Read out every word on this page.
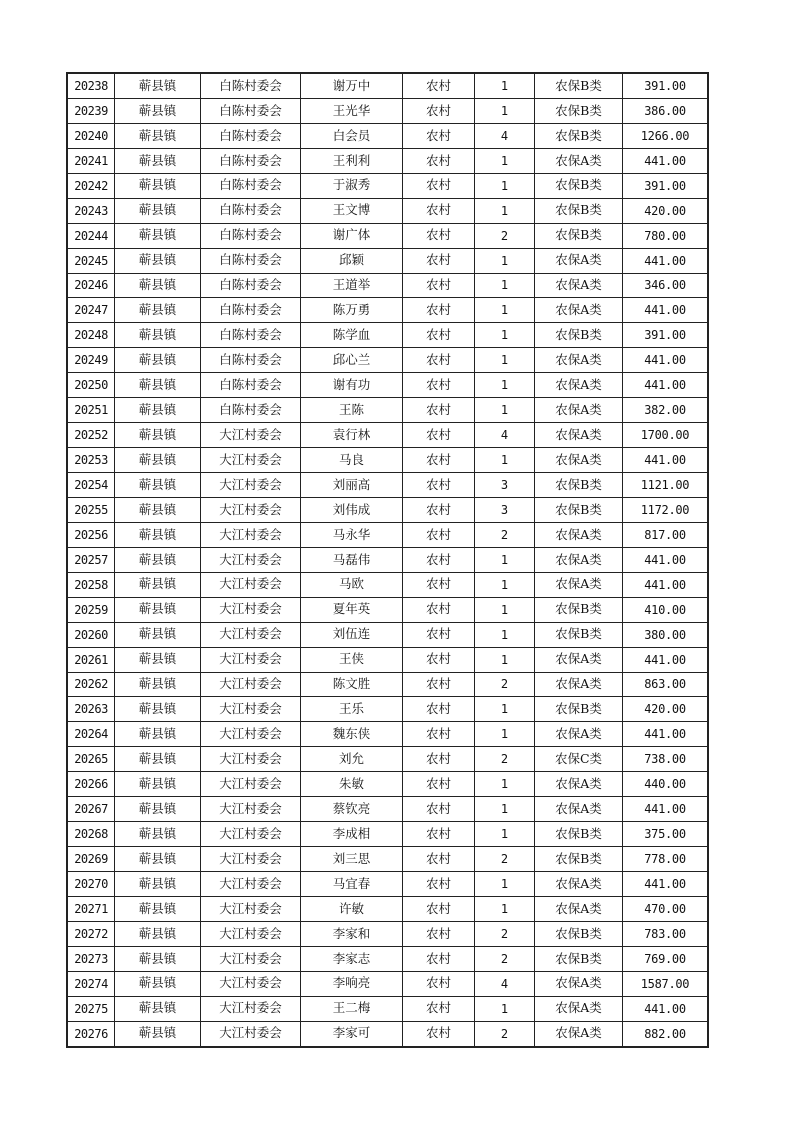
20238	蕲县镇	白陈村委会	谢万中	农村	1	农保B类	391.00
20239	蕲县镇	白陈村委会	王光华	农村	1	农保B类	386.00
20240	蕲县镇	白陈村委会	白会员	农村	4	农保B类	1266.00
20241	蕲县镇	白陈村委会	王利利	农村	1	农保A类	441.00
20242	蕲县镇	白陈村委会	于淑秀	农村	1	农保B类	391.00
20243	蕲县镇	白陈村委会	王文博	农村	1	农保B类	420.00
20244	蕲县镇	白陈村委会	谢广体	农村	2	农保B类	780.00
20245	蕲县镇	白陈村委会	邱颖	农村	1	农保A类	441.00
20246	蕲县镇	白陈村委会	王道举	农村	1	农保A类	346.00
20247	蕲县镇	白陈村委会	陈万勇	农村	1	农保A类	441.00
20248	蕲县镇	白陈村委会	陈学血	农村	1	农保B类	391.00
20249	蕲县镇	白陈村委会	邱心兰	农村	1	农保A类	441.00
20250	蕲县镇	白陈村委会	谢有功	农村	1	农保A类	441.00
20251	蕲县镇	白陈村委会	王陈	农村	1	农保A类	382.00
20252	蕲县镇	大江村委会	袁行林	农村	4	农保A类	1700.00
20253	蕲县镇	大江村委会	马良	农村	1	农保A类	441.00
20254	蕲县镇	大江村委会	刘丽高	农村	3	农保B类	1121.00
20255	蕲县镇	大江村委会	刘伟成	农村	3	农保B类	1172.00
20256	蕲县镇	大江村委会	马永华	农村	2	农保A类	817.00
20257	蕲县镇	大江村委会	马磊伟	农村	1	农保A类	441.00
20258	蕲县镇	大江村委会	马欧	农村	1	农保A类	441.00
20259	蕲县镇	大江村委会	夏年英	农村	1	农保B类	410.00
20260	蕲县镇	大江村委会	刘伍连	农村	1	农保B类	380.00
20261	蕲县镇	大江村委会	王侠	农村	1	农保A类	441.00
20262	蕲县镇	大江村委会	陈文胜	农村	2	农保A类	863.00
20263	蕲县镇	大江村委会	王乐	农村	1	农保B类	420.00
20264	蕲县镇	大江村委会	魏东侠	农村	1	农保A类	441.00
20265	蕲县镇	大江村委会	刘允	农村	2	农保C类	738.00
20266	蕲县镇	大江村委会	朱敏	农村	1	农保A类	440.00
20267	蕲县镇	大江村委会	蔡钦亮	农村	1	农保A类	441.00
20268	蕲县镇	大江村委会	李成相	农村	1	农保B类	375.00
20269	蕲县镇	大江村委会	刘三思	农村	2	农保B类	778.00
20270	蕲县镇	大江村委会	马宜春	农村	1	农保A类	441.00
20271	蕲县镇	大江村委会	许敏	农村	1	农保A类	470.00
20272	蕲县镇	大江村委会	李家和	农村	2	农保B类	783.00
20273	蕲县镇	大江村委会	李家志	农村	2	农保B类	769.00
20274	蕲县镇	大江村委会	李响亮	农村	4	农保A类	1587.00
20275	蕲县镇	大江村委会	王二梅	农村	1	农保A类	441.00
20276	蕲县镇	大江村委会	李家可	农村	2	农保A类	882.00
